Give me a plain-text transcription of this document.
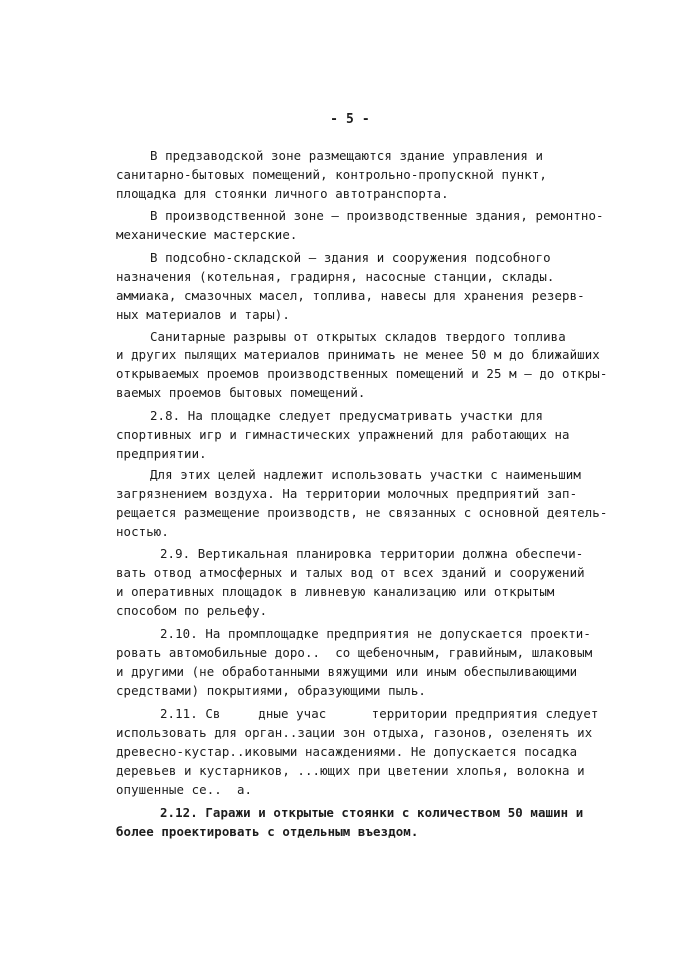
- 5 -
В предзаводской зоне размещаются здание управления и
санитарно-бытовых помещений, контрольно-пропускной пункт,
площадка для стоянки личного автотранспорта.
В производственной зоне – производственные здания, ремонтно-
механические мастерские.
В подсобно-складской – здания и сооружения подсобного
назначения (котельная, градирня, насосные станции, склады.
аммиака, смазочных масел, топлива, навесы для хранения резерв-
ных материалов и тары).
Санитарные разрывы от открытых складов твердого топлива
и других пылящих материалов принимать не менее 50 м до ближайших
открываемых проемов производственных помещений и 25 м – до откры-
ваемых проемов бытовых помещений.
2.8. На площадке следует предусматривать участки для
спортивных игр и гимнастических упражнений для работающих на
предприятии.
Для этих целей надлежит использовать участки с наименьшим
загрязнением воздуха. На территории молочных предприятий зап-
рещается размещение производств, не связанных с основной деятель-
ностью.
2.9. Вертикальная планировка территории должна обеспечи-
вать отвод атмосферных и талых вод от всех зданий и сооружений
и оперативных площадок в ливневую канализацию или открытым
способом по рельефу.
2.10. На промплощадке предприятия не допускается проекти-
ровать автомобильные доро..  со щебеночным, гравийным, шлаковым
и другими (не обработанными вяжущими или иным обеспыливающими
средствами) покрытиями, образующими пыль.
2.11. Св     дные учас      территории предприятия следует
использовать для орган..зации зон отдыха, газонов, озеленять их
древесно-кустар..иковыми насаждениями. Не допускается посадка
деревьев и кустарников, ...ющих при цветении хлопья, волокна и
опушенные се..  а.
2.12. Гаражи и открытые стоянки с количеством 50 машин и
более проектировать с отдельным въездом.
